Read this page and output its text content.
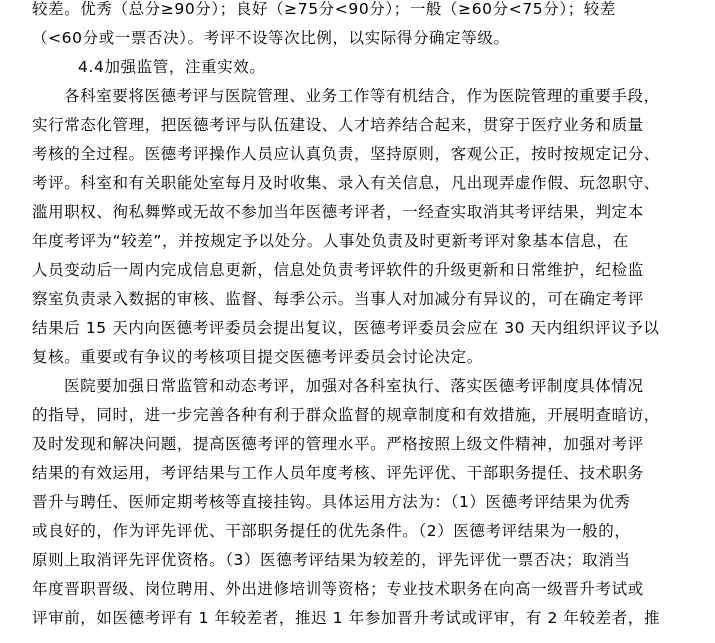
较差。优秀（总分≥90分）；良好（≥75分<90分）；一般（≥60分<75分）；较差
（<60分或一票否决）。考评不设等次比例，以实际得分确定等级。
4.4加强监管，注重实效。
各科室要将医德考评与医院管理、业务工作等有机结合，作为医院管理的重要手段，
实行常态化管理，把医德考评与队伍建设、人才培养结合起来，贯穿于医疗业务和质量
考核的全过程。医德考评操作人员应认真负责，坚持原则，客观公正，按时按规定记分、
考评。科室和有关职能处室每月及时收集、录入有关信息，凡出现弄虚作假、玩忽职守、
滥用职权、徇私舞弊或无故不参加当年医德考评者，一经查实取消其考评结果，判定本
年度考评为“较差”，并按规定予以处分。人事处负责及时更新考评对象基本信息，在
人员变动后一周内完成信息更新，信息处负责考评软件的升级更新和日常维护，纪检监
察室负责录入数据的审核、监督、每季公示。当事人对加减分有异议的，可在确定考评
结果后 15 天内向医德考评委员会提出复议，医德考评委员会应在 30 天内组织评议予以
复核。重要或有争议的考核项目提交医德考评委员会讨论决定。
医院要加强日常监管和动态考评，加强对各科室执行、落实医德考评制度具体情况
的指导，同时，进一步完善各种有利于群众监督的规章制度和有效措施，开展明查暗访，
及时发现和解决问题，提高医德考评的管理水平。严格按照上级文件精神，加强对考评
结果的有效运用，考评结果与工作人员年度考核、评先评优、干部职务提任、技术职务
晋升与聘任、医师定期考核等直接挂钩。具体运用方法为：（1）医德考评结果为优秀
或良好的，作为评先评优、干部职务提任的优先条件。（2）医德考评结果为一般的，
原则上取消评先评优资格。（3）医德考评结果为较差的，评先评优一票否决；取消当
年度晋职晋级、岗位聘用、外出进修培训等资格；专业技术职务在向高一级晋升考试或
评审前，如医德考评有 1 年较差者，推迟 1 年参加晋升考试或评审，有 2 年较差者，推
